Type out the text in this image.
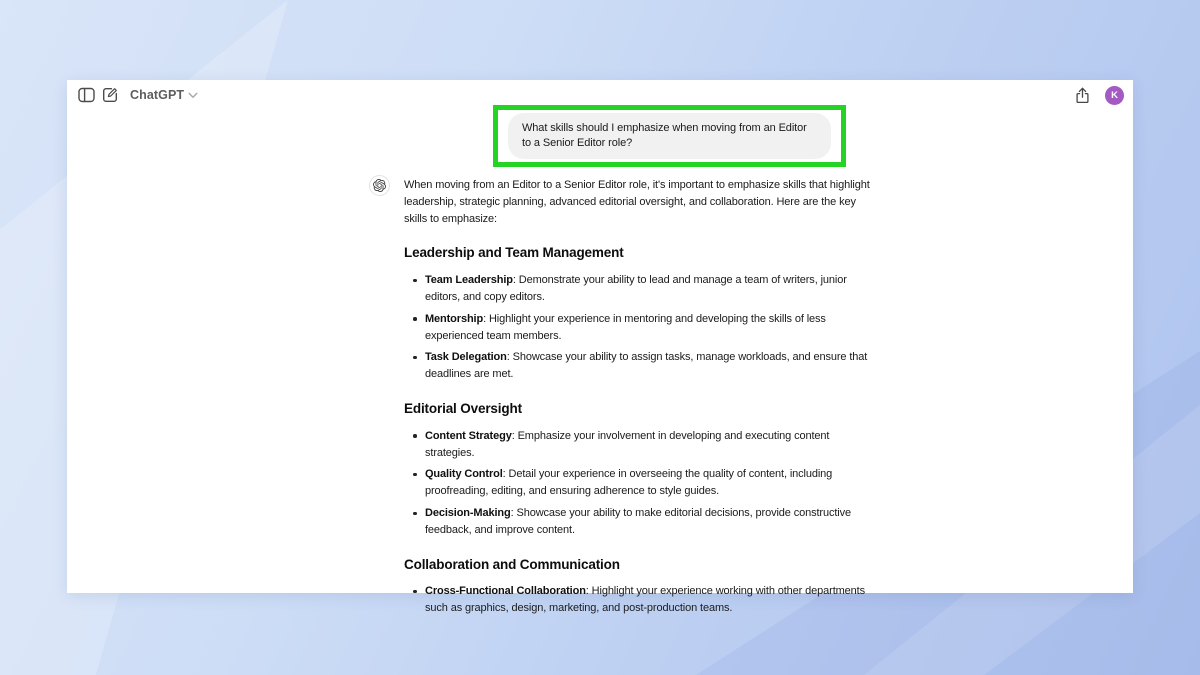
ChatGPT	K
What skills should I emphasize when moving from an Editor to a Senior Editor role?

When moving from an Editor to a Senior Editor role, it's important to emphasize skills that highlight leadership, strategic planning, advanced editorial oversight, and collaboration. Here are the key skills to emphasize:

Leadership and Team Management
Team Leadership: Demonstrate your ability to lead and manage a team of writers, junior editors, and copy editors.
Mentorship: Highlight your experience in mentoring and developing the skills of less experienced team members.
Task Delegation: Showcase your ability to assign tasks, manage workloads, and ensure that deadlines are met.
Editorial Oversight
Content Strategy: Emphasize your involvement in developing and executing content strategies.
Quality Control: Detail your experience in overseeing the quality of content, including proofreading, editing, and ensuring adherence to style guides.
Decision-Making: Showcase your ability to make editorial decisions, provide constructive feedback, and improve content.
Collaboration and Communication
Cross-Functional Collaboration: Highlight your experience working with other departments such as graphics, design, marketing, and post-production teams.
